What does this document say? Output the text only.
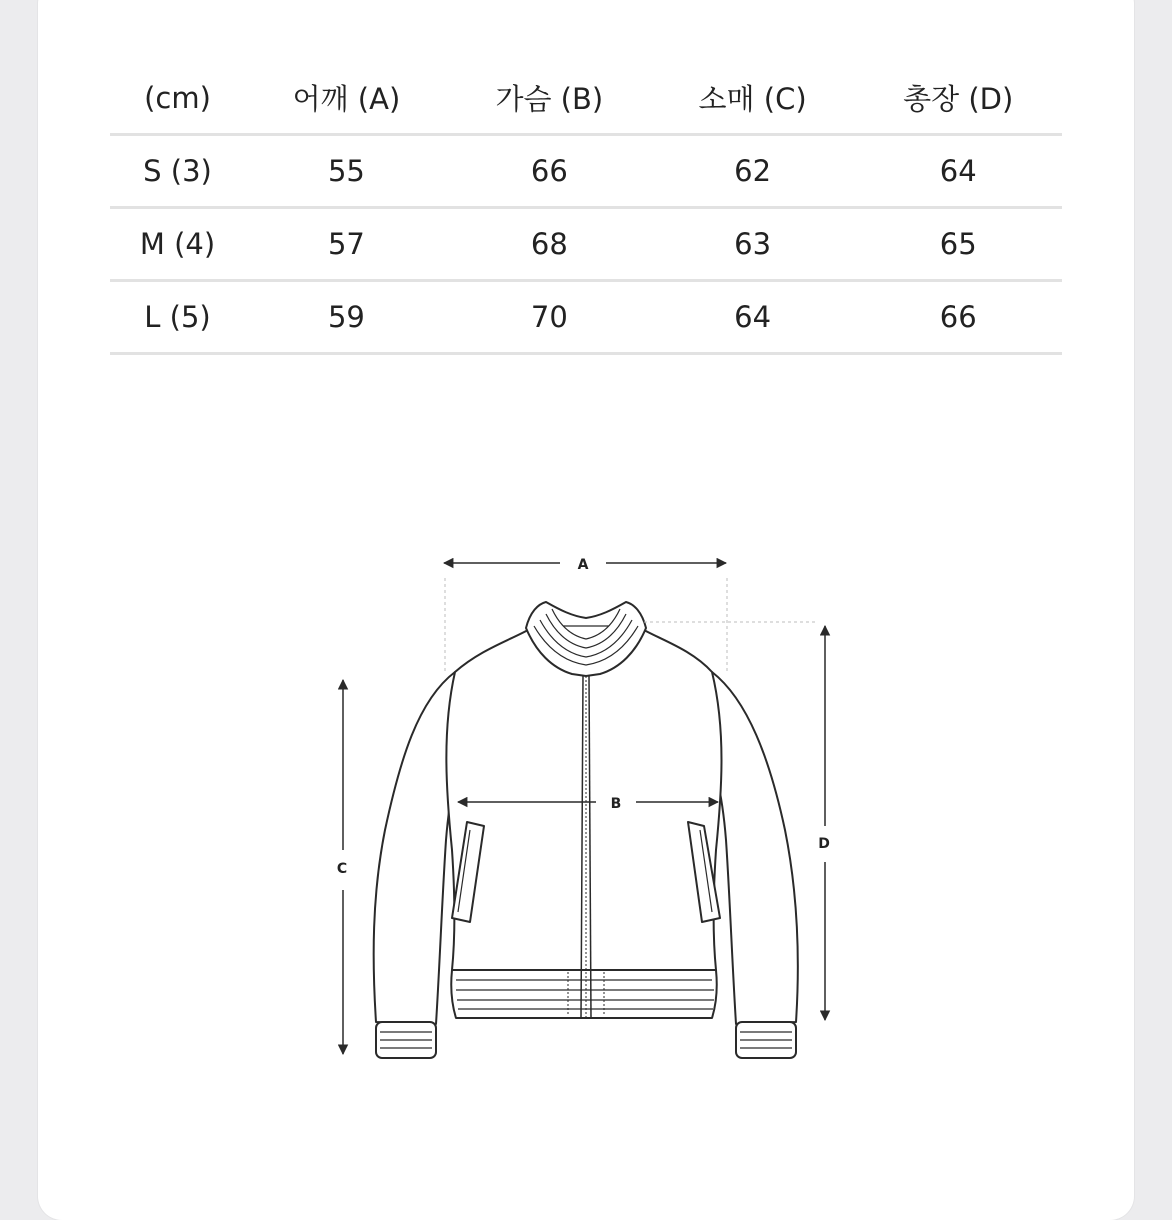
(cm)	어깨 (A)	가슴 (B)	소매 (C)	총장 (D)
S (3)	55	66	62	64
M (4)	57	68	63	65
L (5)	59	70	64	66
A
B
C
D
